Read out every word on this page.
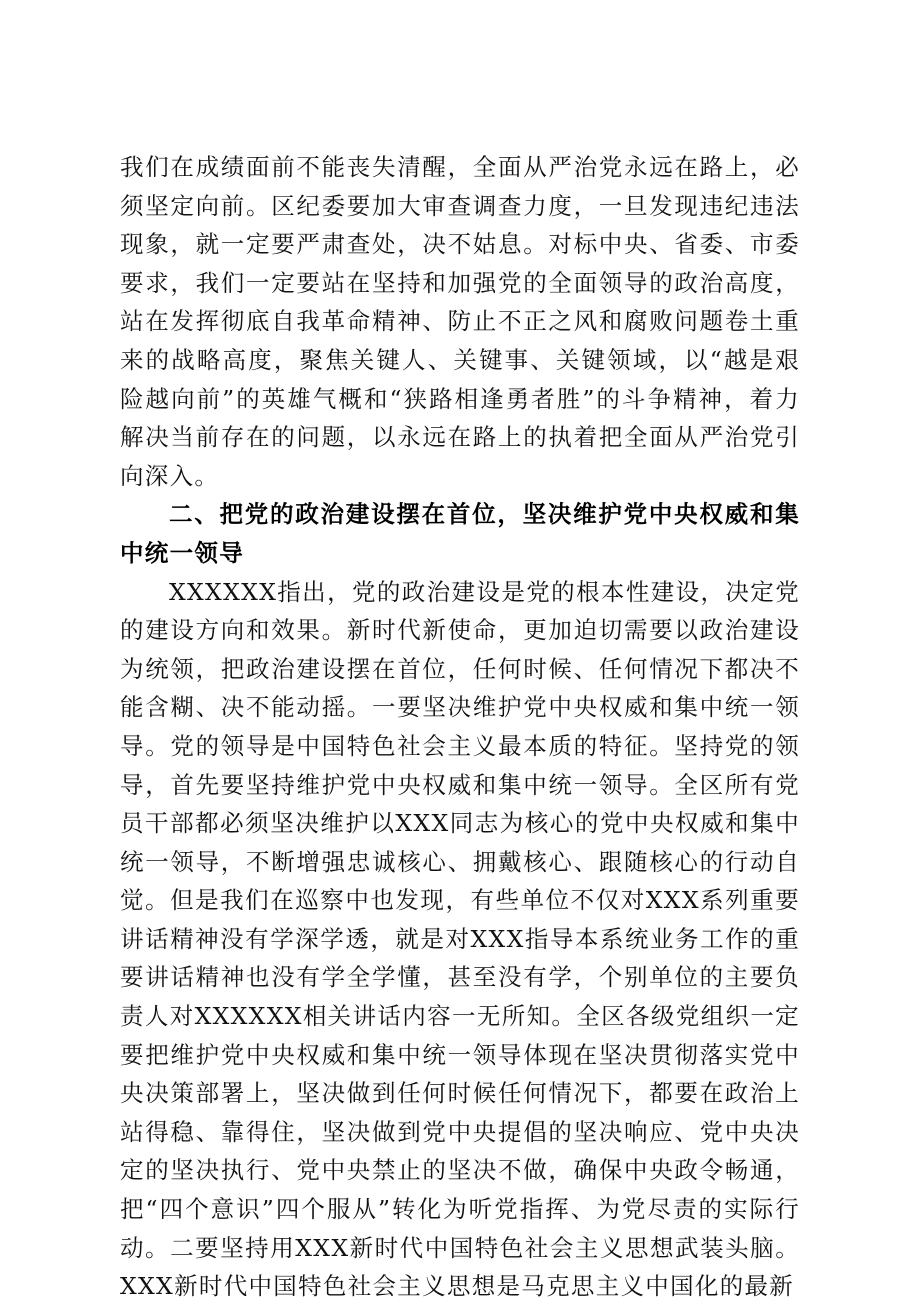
我们在成绩面前不能丧失清醒，全面从严治党永远在路上，必须坚定向前。区纪委要加大审查调查力度，一旦发现违纪违法现象，就一定要严肃查处，决不姑息。对标中央、省委、市委要求，我们一定要站在坚持和加强党的全面领导的政治高度，站在发挥彻底自我革命精神、防止不正之风和腐败问题卷土重来的战略高度，聚焦关键人、关键事、关键领域，以“越是艰险越向前”的英雄气概和“狭路相逢勇者胜”的斗争精神，着力解决当前存在的问题，以永远在路上的执着把全面从严治党引向深入。

二、把党的政治建设摆在首位，坚决维护党中央权威和集中统一领导

XXXXXX指出，党的政治建设是党的根本性建设，决定党的建设方向和效果。新时代新使命，更加迫切需要以政治建设为统领，把政治建设摆在首位，任何时候、任何情况下都决不能含糊、决不能动摇。一要坚决维护党中央权威和集中统一领导。党的领导是中国特色社会主义最本质的特征。坚持党的领导，首先要坚持维护党中央权威和集中统一领导。全区所有党员干部都必须坚决维护以XXX同志为核心的党中央权威和集中统一领导，不断增强忠诚核心、拥戴核心、跟随核心的行动自觉。但是我们在巡察中也发现，有些单位不仅对XXX系列重要讲话精神没有学深学透，就是对XXX指导本系统业务工作的重要讲话精神也没有学全学懂，甚至没有学，个别单位的主要负责人对XXXXXX相关讲话内容一无所知。全区各级党组织一定要把维护党中央权威和集中统一领导体现在坚决贯彻落实党中央决策部署上，坚决做到任何时候任何情况下，都要在政治上站得稳、靠得住，坚决做到党中央提倡的坚决响应、党中央决定的坚决执行、党中央禁止的坚决不做，确保中央政令畅通，把“四个意识”四个服从”转化为听党指挥、为党尽责的实际行动。二要坚持用XXX新时代中国特色社会主义思想武装头脑。XXX新时代中国特色社会主义思想是马克思主义中国化的最新
